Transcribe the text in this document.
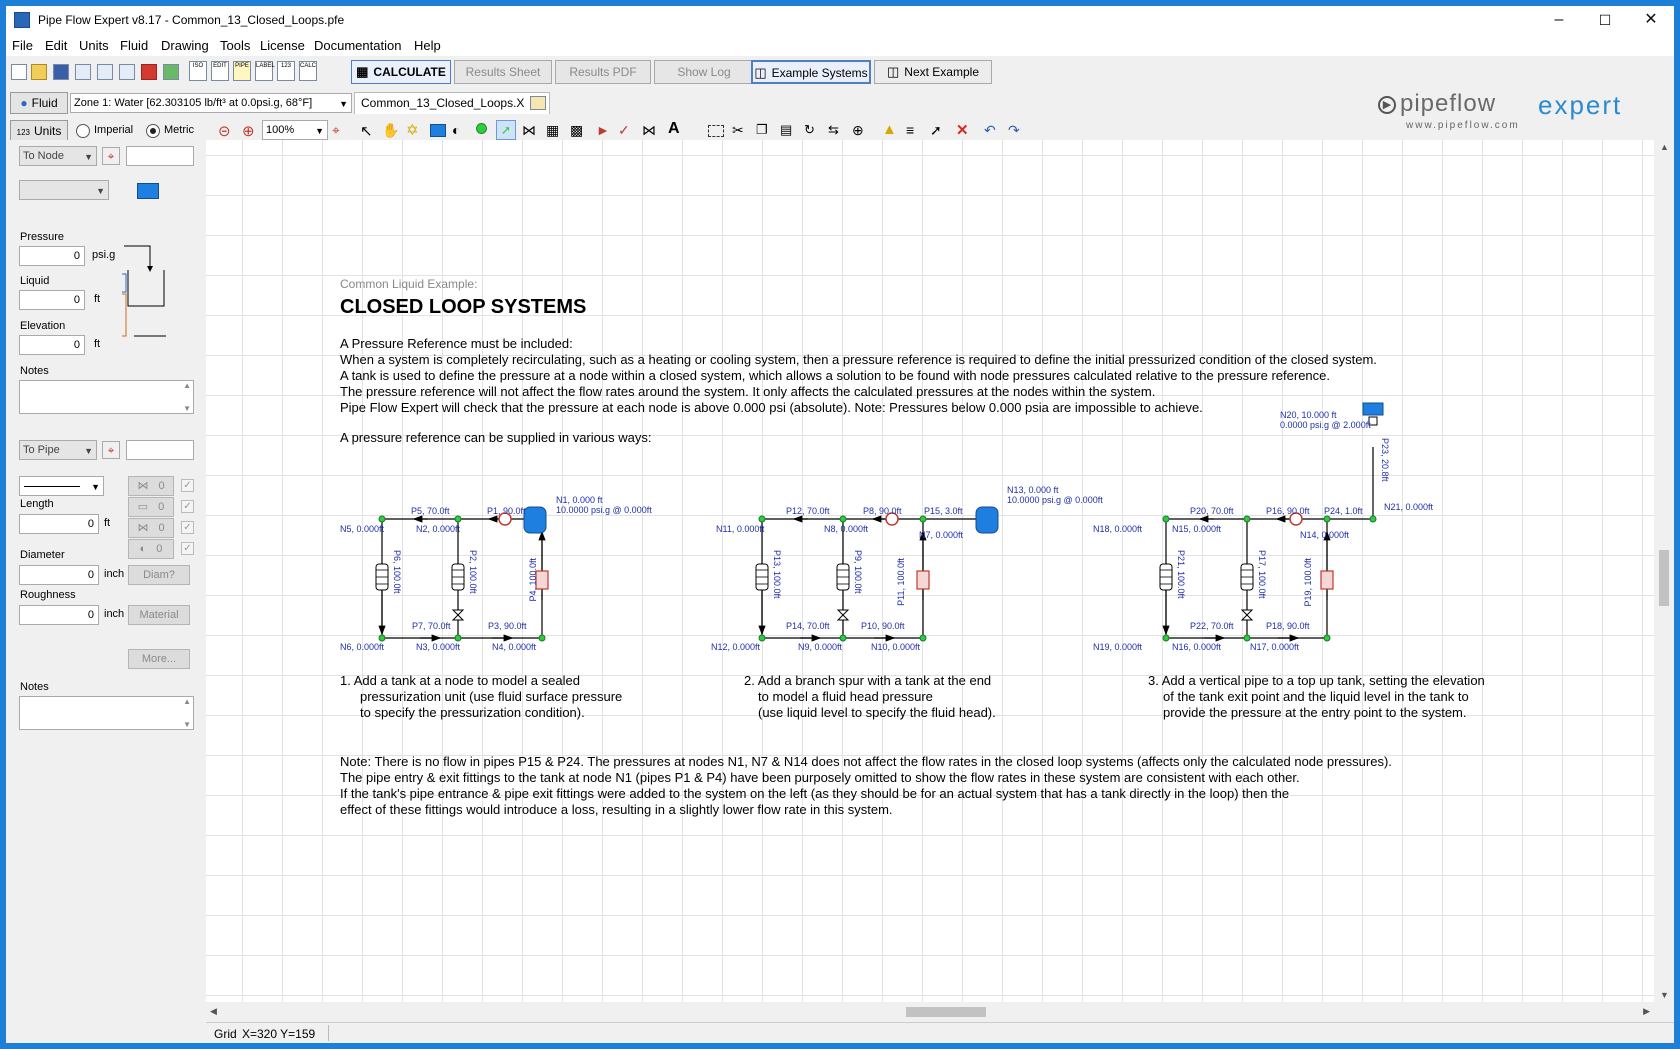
Pipe Flow Expert v8.17 - Common_13_Closed_Loops.pfe	–	☐	✕
File Edit Units Fluid Drawing Tools License Documentation Help
ISO	EDIT	PIPE	LABEL	123	CALC	▦ CALCULATE	Results Sheet	Results PDF	Show Log	◫ Example Systems	◫ Next Example
● Fluid	Zone 1: Water [62.303105 lb/ft³ at 0.0psi.g, 68°F]	▼	Common_13_Closed_Loops.X
123 Units	Imperial	Metric ⊝ ⊕	100% ▼ ⌖ ↖ ✋ ✡ ◐	➚ ⋈ ▦ ▩ ► ✓ ⋈ A	✂ ❐ ▤ ↻ ⇆ ⊕ ▲ ≡ ➚ ✕ ↶ ↷
▶ pipeflow expert
www.pipeflow.com
To Node ▼	⌖
▼
Pressure
0	psi.g
Liquid
0	ft
Elevation
0	ft
Notes
▲
▼
To Pipe	▼	⌖
▼	⋈ 0	✓
▭ 0	✓
⋈ 0	✓
◐ 0	✓
Length
0 ft
Diameter
0 inch	Diam?
Roughness
0 inch	Material
More...
Notes
▲
▼
Common Liquid Example:
CLOSED LOOP SYSTEMS
A Pressure Reference must be included:
When a system is completely recirculating, such as a heating or cooling system, then a pressure reference is required to define the initial pressurized condition of the closed system.
A tank is used to define the pressure at a node within a closed system, which allows a solution to be found with node pressures calculated relative to the pressure reference.
The pressure reference will not affect the flow rates around the system. It only affects the calculated pressures at the nodes within the system.
Pipe Flow Expert will check that the pressure at each node is above 0.000 psi (absolute). Note: Pressures below 0.000 psia are impossible to achieve.
A pressure reference can be supplied in various ways:
N1, 0.000 ft
10.0000 psi.g @ 0.000ft
P5, 70.0ft	P1, 90.0ft
P6, 100.0ft	P2, 100.0ft	P4, 100.0ft
P7, 70.0ft	P3, 90.0ft
N5, 0.000ft	N2, 0.000ft
N6, 0.000ft	N3, 0.000ft	N4, 0.000ft
N13, 0.000 ft
10.0000 psi.g @ 0.000ft
P12, 70.0ft	P8, 90.0ft P15, 3.0ft
P13, 100.0ft	P9, 100.0ft	P11, 100.0ft
P14, 70.0ft	P10, 90.0ft
N11, 0.000ft	N8, 0.000ft
N7, 0.000ft
N12, 0.000ft	N9, 0.000ft	N10, 0.000ft
N20, 10.000 ft
0.0000 psi.g @ 2.000ft
P20, 70.0ft	P16, 90.0ft P24, 1.0ft
P23, 20.8ft
P21, 100.0ft	P17, 100.0ft	P19, 100.0ft
P22, 70.0ft	P18, 90.0ft
N18, 0.000ft	N15, 0.000ft
N14, 0.000ft
N21, 0.000ft
N19, 0.000ft	N16, 0.000ft	N17, 0.000ft
1. Add a tank at a node to model a sealed
pressurization unit (use fluid surface pressure
to specify the pressurization condition).
2. Add a branch spur with a tank at the end
to model a fluid head pressure
(use liquid level to specify the fluid head).
3. Add a vertical pipe to a top up tank, setting the elevation
of the tank exit point and the liquid level in the tank to
provide the pressure at the entry point to the system.
Note: There is no flow in pipes P15 & P24. The pressures at nodes N1, N7 & N14 does not affect the flow rates in the closed loop systems (affects only the calculated node pressures).
The pipe entry & exit fittings to the tank at node N1 (pipes P1 & P4) have been purposely omitted to show the flow rates in these system are consistent with each other.
If the tank's pipe entrance & pipe exit fittings were added to the system on the left (as they should be for an actual system that has a tank directly in the loop) then the
effect of these fittings would introduce a loss, resulting in a slightly lower flow rate in this system.
▲
▼
◀	▶
Grid X=320 Y=159
